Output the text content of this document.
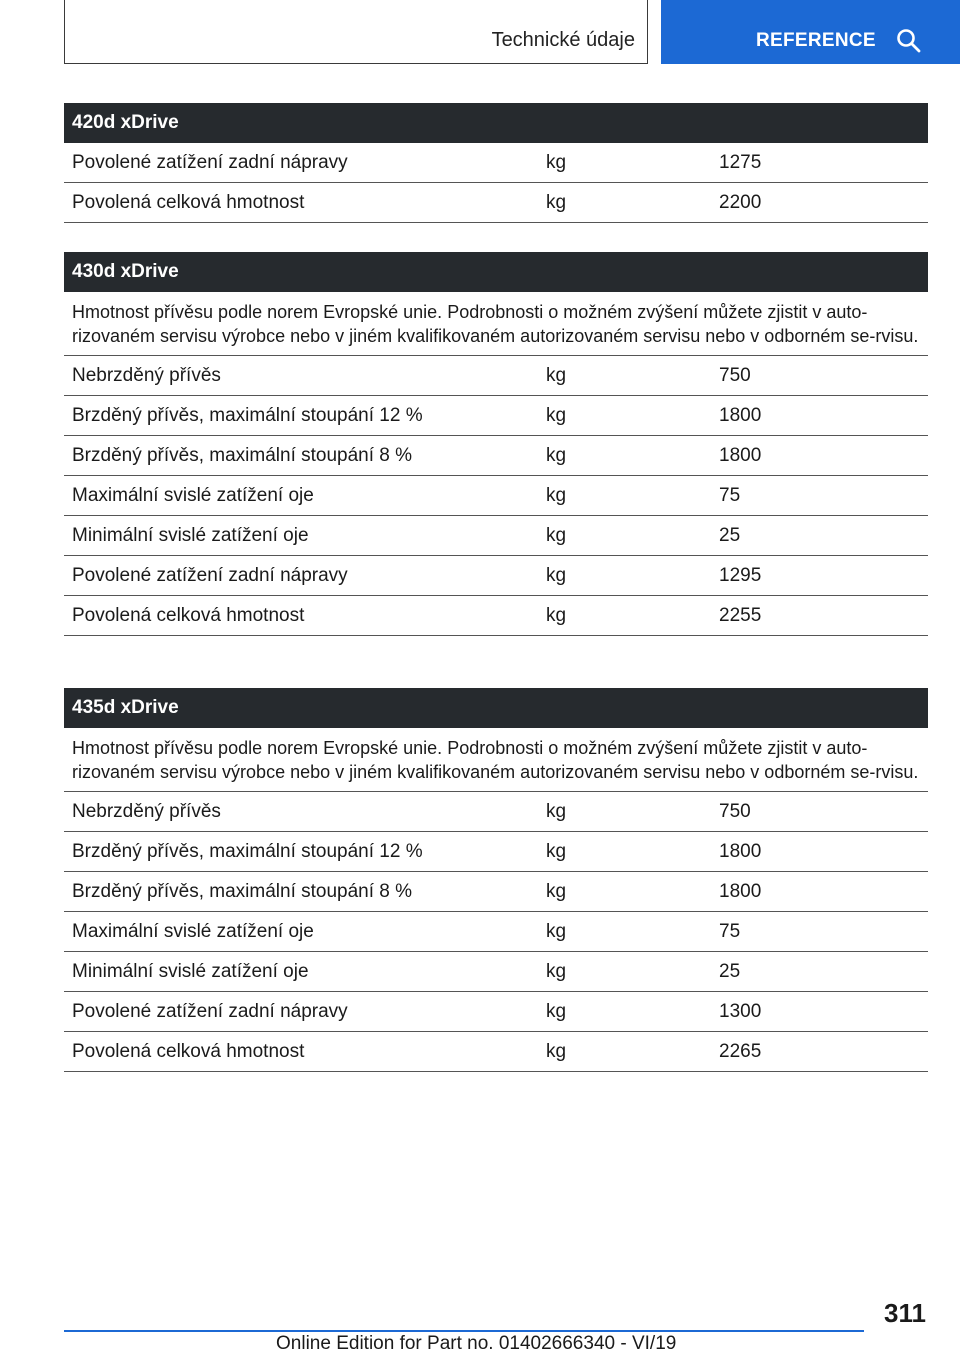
Technické údaje	REFERENCE
420d xDrive
Povolené zatížení zadní nápravy	kg	1275
Povolená celková hmotnost	kg	2200
430d xDrive
Hmotnost přívěsu podle norem Evropské unie. Podrobnosti o možném zvýšení můžete zjistit v auto‐rizovaném servisu výrobce nebo v jiném kvalifikovaném autorizovaném servisu nebo v odborném se‐rvisu.
Nebrzděný přívěs	kg	750
Brzděný přívěs, maximální stoupání 12 %	kg	1800
Brzděný přívěs, maximální stoupání 8 %	kg	1800
Maximální svislé zatížení oje	kg	75
Minimální svislé zatížení oje	kg	25
Povolené zatížení zadní nápravy	kg	1295
Povolená celková hmotnost	kg	2255
435d xDrive
Hmotnost přívěsu podle norem Evropské unie. Podrobnosti o možném zvýšení můžete zjistit v auto‐rizovaném servisu výrobce nebo v jiném kvalifikovaném autorizovaném servisu nebo v odborném se‐rvisu.
Nebrzděný přívěs	kg	750
Brzděný přívěs, maximální stoupání 12 %	kg	1800
Brzděný přívěs, maximální stoupání 8 %	kg	1800
Maximální svislé zatížení oje	kg	75
Minimální svislé zatížení oje	kg	25
Povolené zatížení zadní nápravy	kg	1300
Povolená celková hmotnost	kg	2265
311
Online Edition for Part no. 01402666340 - VI/19
